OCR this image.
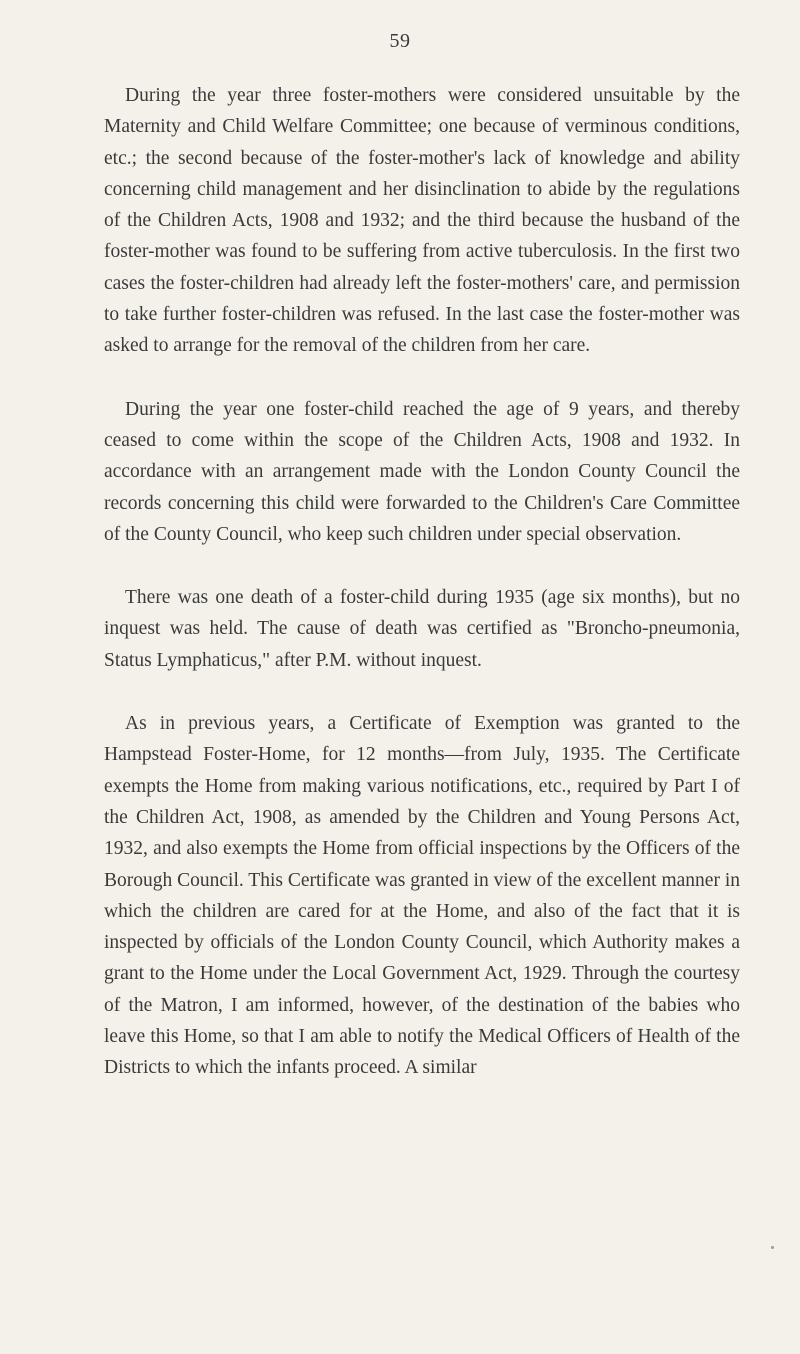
59

During the year three foster-mothers were considered unsuitable by the Maternity and Child Welfare Committee; one because of verminous conditions, etc.; the second because of the foster-mother's lack of knowledge and ability concerning child management and her disinclination to abide by the regulations of the Children Acts, 1908 and 1932; and the third because the husband of the foster-mother was found to be suffering from active tuberculosis. In the first two cases the foster-children had already left the foster-mothers' care, and permission to take further foster-children was refused. In the last case the foster-mother was asked to arrange for the removal of the children from her care.

During the year one foster-child reached the age of 9 years, and thereby ceased to come within the scope of the Children Acts, 1908 and 1932. In accordance with an arrangement made with the London County Council the records concerning this child were forwarded to the Children's Care Committee of the County Council, who keep such children under special observation.

There was one death of a foster-child during 1935 (age six months), but no inquest was held. The cause of death was certified as "Broncho-pneumonia, Status Lymphaticus," after P.M. without inquest.

As in previous years, a Certificate of Exemption was granted to the Hampstead Foster-Home, for 12 months—from July, 1935. The Certificate exempts the Home from making various notifications, etc., required by Part I of the Children Act, 1908, as amended by the Children and Young Persons Act, 1932, and also exempts the Home from official inspections by the Officers of the Borough Council. This Certificate was granted in view of the excellent manner in which the children are cared for at the Home, and also of the fact that it is inspected by officials of the London County Council, which Authority makes a grant to the Home under the Local Government Act, 1929. Through the courtesy of the Matron, I am informed, however, of the destination of the babies who leave this Home, so that I am able to notify the Medical Officers of Health of the Districts to which the infants proceed. A similar
